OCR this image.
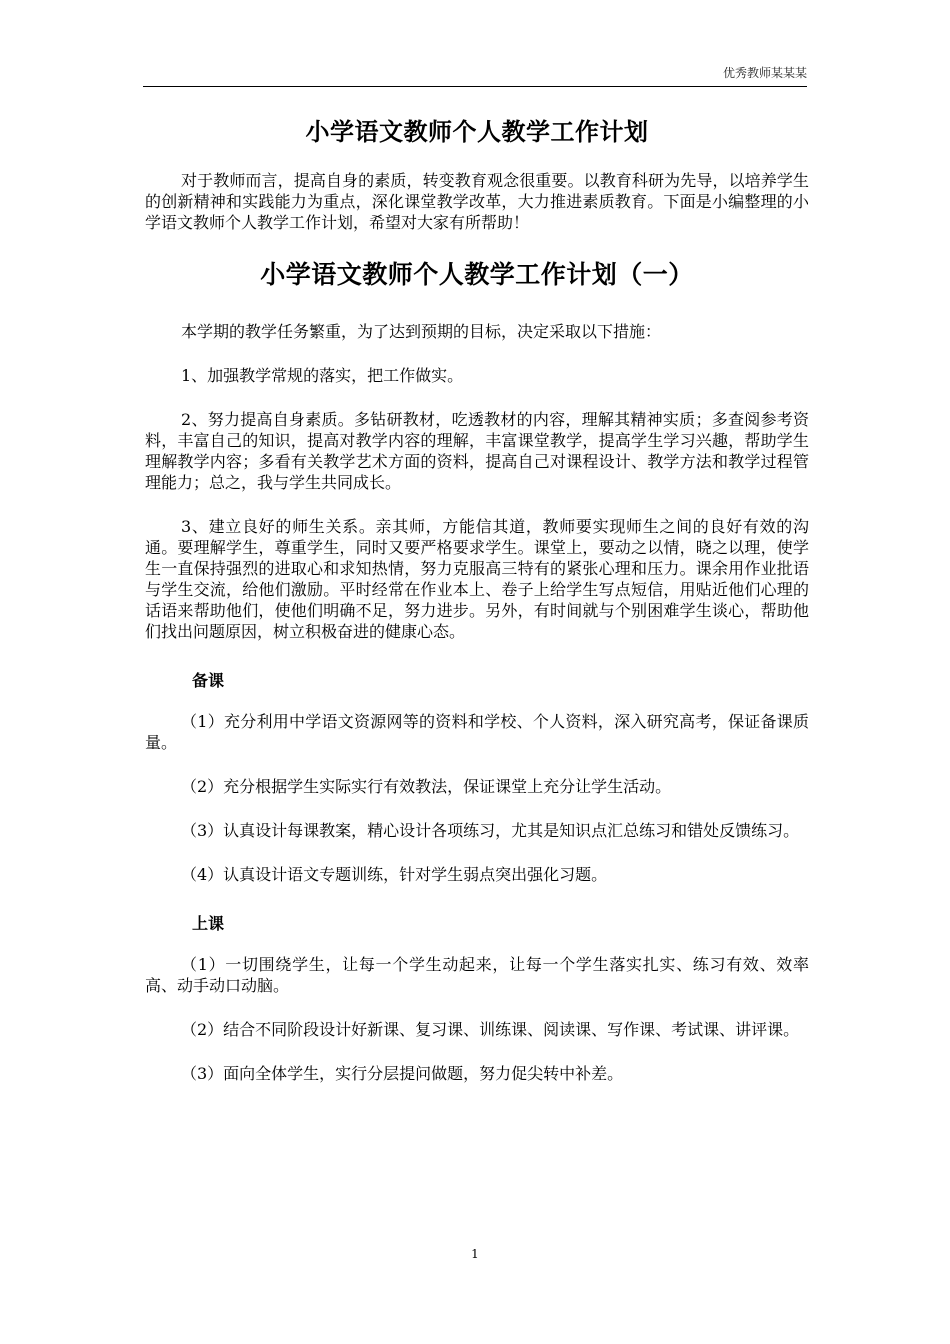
优秀教师某某某
小学语文教师个人教学工作计划

对于教师而言，提高自身的素质，转变教育观念很重要。以教育科研为先导，以培养学生的创新精神和实践能力为重点，深化课堂教学改革，大力推进素质教育。下面是小编整理的小学语文教师个人教学工作计划，希望对大家有所帮助！

小学语文教师个人教学工作计划（一）

本学期的教学任务繁重，为了达到预期的目标，决定采取以下措施：

1、加强教学常规的落实，把工作做实。

2、努力提高自身素质。多钻研教材，吃透教材的内容，理解其精神实质；多查阅参考资料，丰富自己的知识，提高对教学内容的理解，丰富课堂教学，提高学生学习兴趣，帮助学生理解教学内容；多看有关教学艺术方面的资料，提高自己对课程设计、教学方法和教学过程管理能力；总之，我与学生共同成长。

3、建立良好的师生关系。亲其师，方能信其道，教师要实现师生之间的良好有效的沟通。要理解学生，尊重学生，同时又要严格要求学生。课堂上，要动之以情，晓之以理，使学生一直保持强烈的进取心和求知热情，努力克服高三特有的紧张心理和压力。课余用作业批语与学生交流，给他们激励。平时经常在作业本上、卷子上给学生写点短信，用贴近他们心理的话语来帮助他们，使他们明确不足，努力进步。另外，有时间就与个别困难学生谈心，帮助他们找出问题原因，树立积极奋进的健康心态。

备课

（1）充分利用中学语文资源网等的资料和学校、个人资料，深入研究高考，保证备课质量。

（2）充分根据学生实际实行有效教法，保证课堂上充分让学生活动。

（3）认真设计每课教案，精心设计各项练习，尤其是知识点汇总练习和错处反馈练习。

（4）认真设计语文专题训练，针对学生弱点突出强化习题。

上课

（1）一切围绕学生，让每一个学生动起来，让每一个学生落实扎实、练习有效、效率高、动手动口动脑。

（2）结合不同阶段设计好新课、复习课、训练课、阅读课、写作课、考试课、讲评课。

（3）面向全体学生，实行分层提问做题，努力促尖转中补差。

1
